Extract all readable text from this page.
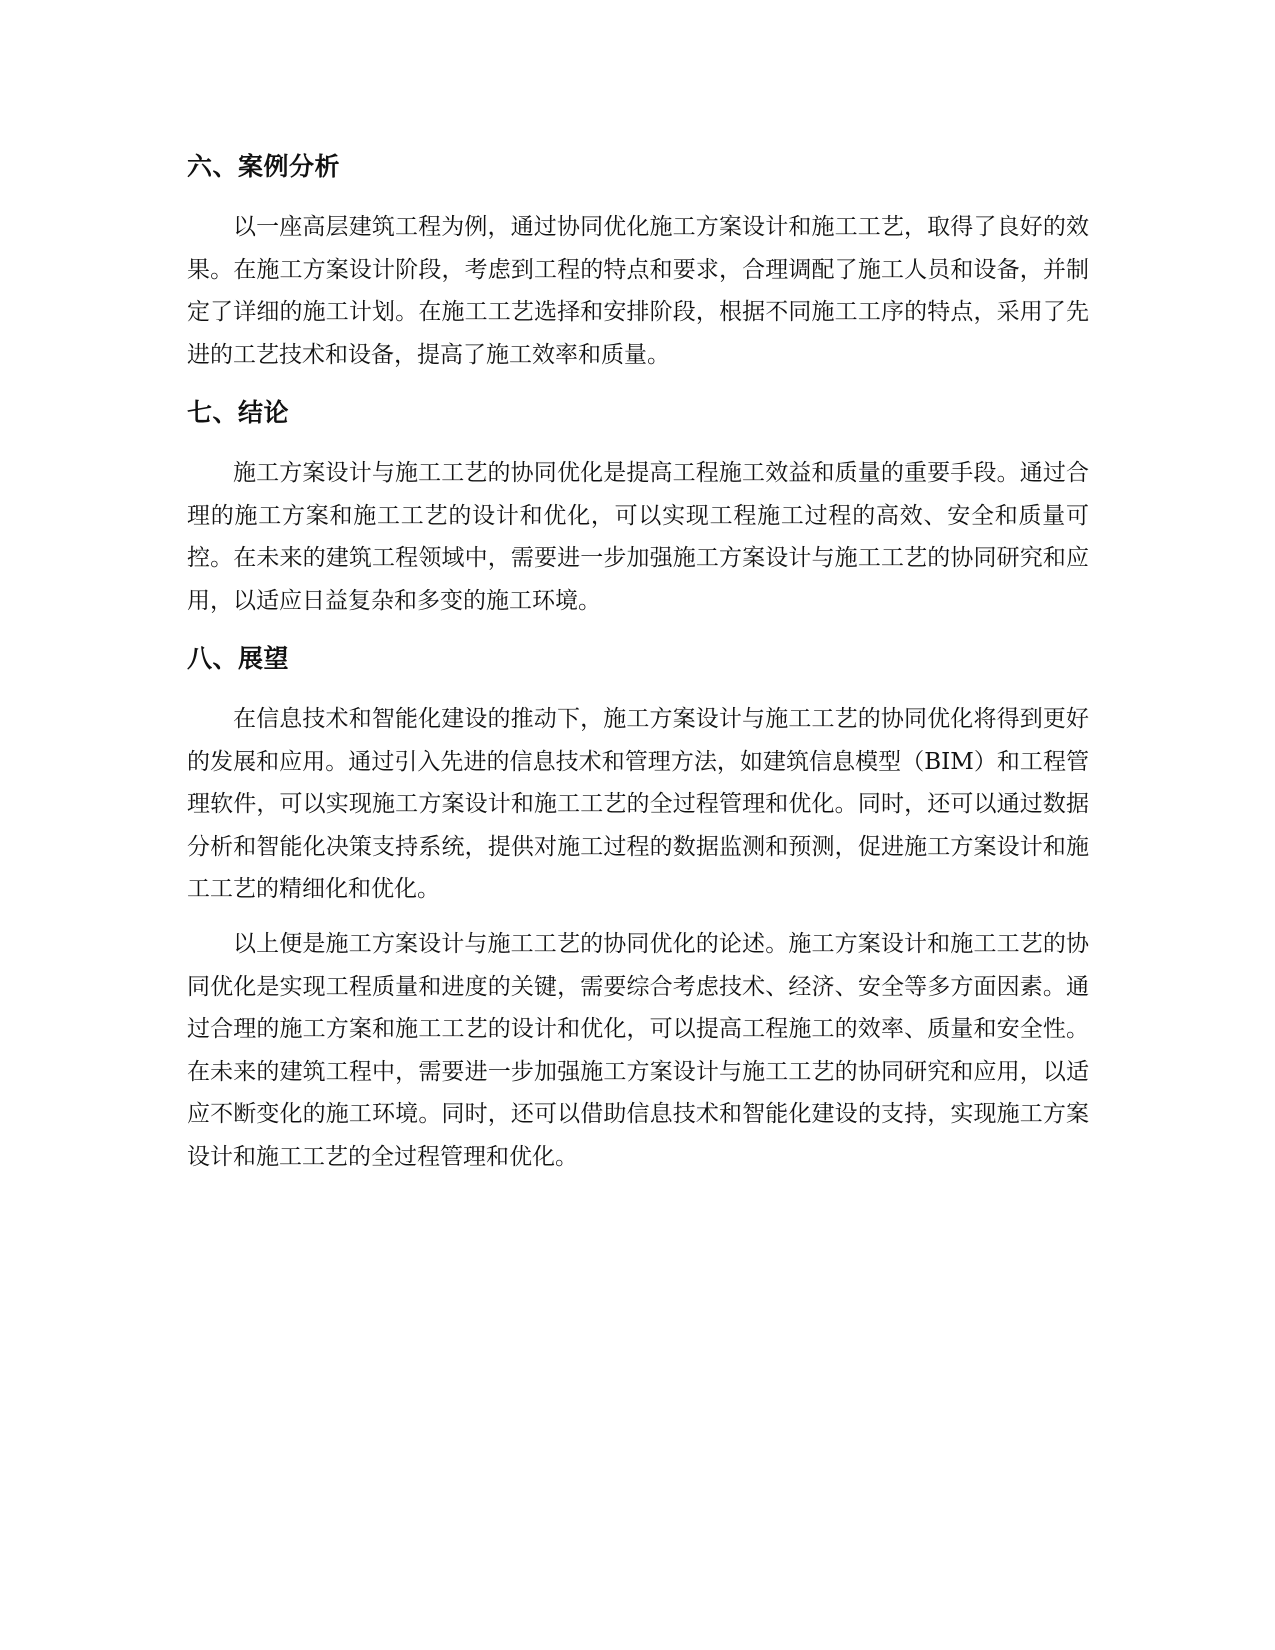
六、案例分析

以一座高层建筑工程为例，通过协同优化施工方案设计和施工工艺，取得了良好的效果。在施工方案设计阶段，考虑到工程的特点和要求，合理调配了施工人员和设备，并制定了详细的施工计划。在施工工艺选择和安排阶段，根据不同施工工序的特点，采用了先进的工艺技术和设备，提高了施工效率和质量。

七、结论

施工方案设计与施工工艺的协同优化是提高工程施工效益和质量的重要手段。通过合理的施工方案和施工工艺的设计和优化，可以实现工程施工过程的高效、安全和质量可控。在未来的建筑工程领域中，需要进一步加强施工方案设计与施工工艺的协同研究和应用，以适应日益复杂和多变的施工环境。

八、展望

在信息技术和智能化建设的推动下，施工方案设计与施工工艺的协同优化将得到更好的发展和应用。通过引入先进的信息技术和管理方法，如建筑信息模型（BIM）和工程管理软件，可以实现施工方案设计和施工工艺的全过程管理和优化。同时，还可以通过数据分析和智能化决策支持系统，提供对施工过程的数据监测和预测，促进施工方案设计和施工工艺的精细化和优化。

以上便是施工方案设计与施工工艺的协同优化的论述。施工方案设计和施工工艺的协同优化是实现工程质量和进度的关键，需要综合考虑技术、经济、安全等多方面因素。通过合理的施工方案和施工工艺的设计和优化，可以提高工程施工的效率、质量和安全性。在未来的建筑工程中，需要进一步加强施工方案设计与施工工艺的协同研究和应用，以适应不断变化的施工环境。同时，还可以借助信息技术和智能化建设的支持，实现施工方案设计和施工工艺的全过程管理和优化。
